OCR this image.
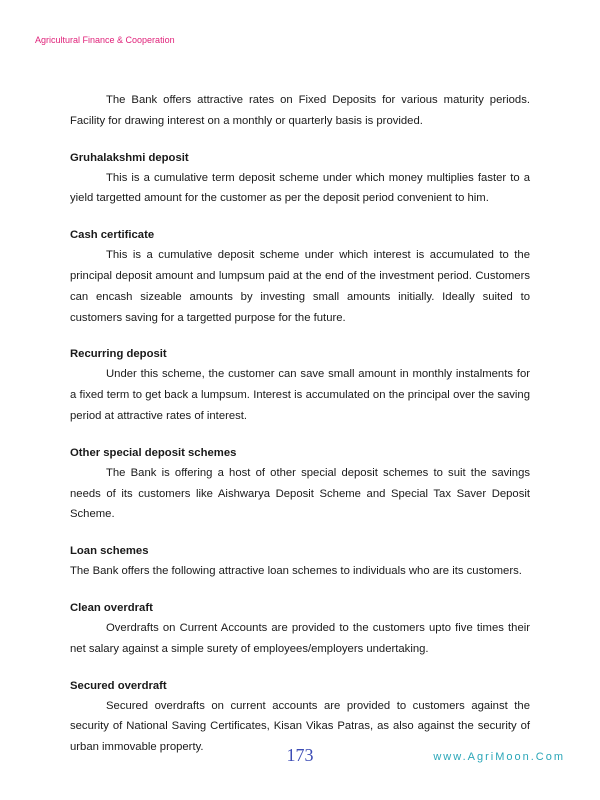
Agricultural Finance & Cooperation

The Bank offers attractive rates on Fixed Deposits for various maturity periods. Facility for drawing interest on a monthly or quarterly basis is provided.

Gruhalakshmi deposit

This is a cumulative term deposit scheme under which money multiplies faster to a yield targetted amount for the customer as per the deposit period convenient to him.

Cash certificate

This is a cumulative deposit scheme under which interest is accumulated to the principal deposit amount and lumpsum paid at the end of the investment period. Customers can encash sizeable amounts by investing small amounts initially. Ideally suited to customers saving for a targetted purpose for the future.

Recurring deposit

Under this scheme, the customer can save small amount in monthly instalments for a fixed term to get back a lumpsum. Interest is accumulated on the principal over the saving period at attractive rates of interest.

Other special deposit schemes

The Bank is offering a host of other special deposit schemes to suit the savings needs of its customers like Aishwarya Deposit Scheme and Special Tax Saver Deposit Scheme.

Loan schemes

The Bank offers the following attractive loan schemes to individuals who are its customers.

Clean overdraft

Overdrafts on Current Accounts are provided to the customers upto five times their net salary against a simple surety of employees/employers undertaking.

Secured overdraft

Secured overdrafts on current accounts are provided to customers against the security of National Saving Certificates, Kisan Vikas Patras, as also against the security of urban immovable property.	173	www.AgriMoon.Com
